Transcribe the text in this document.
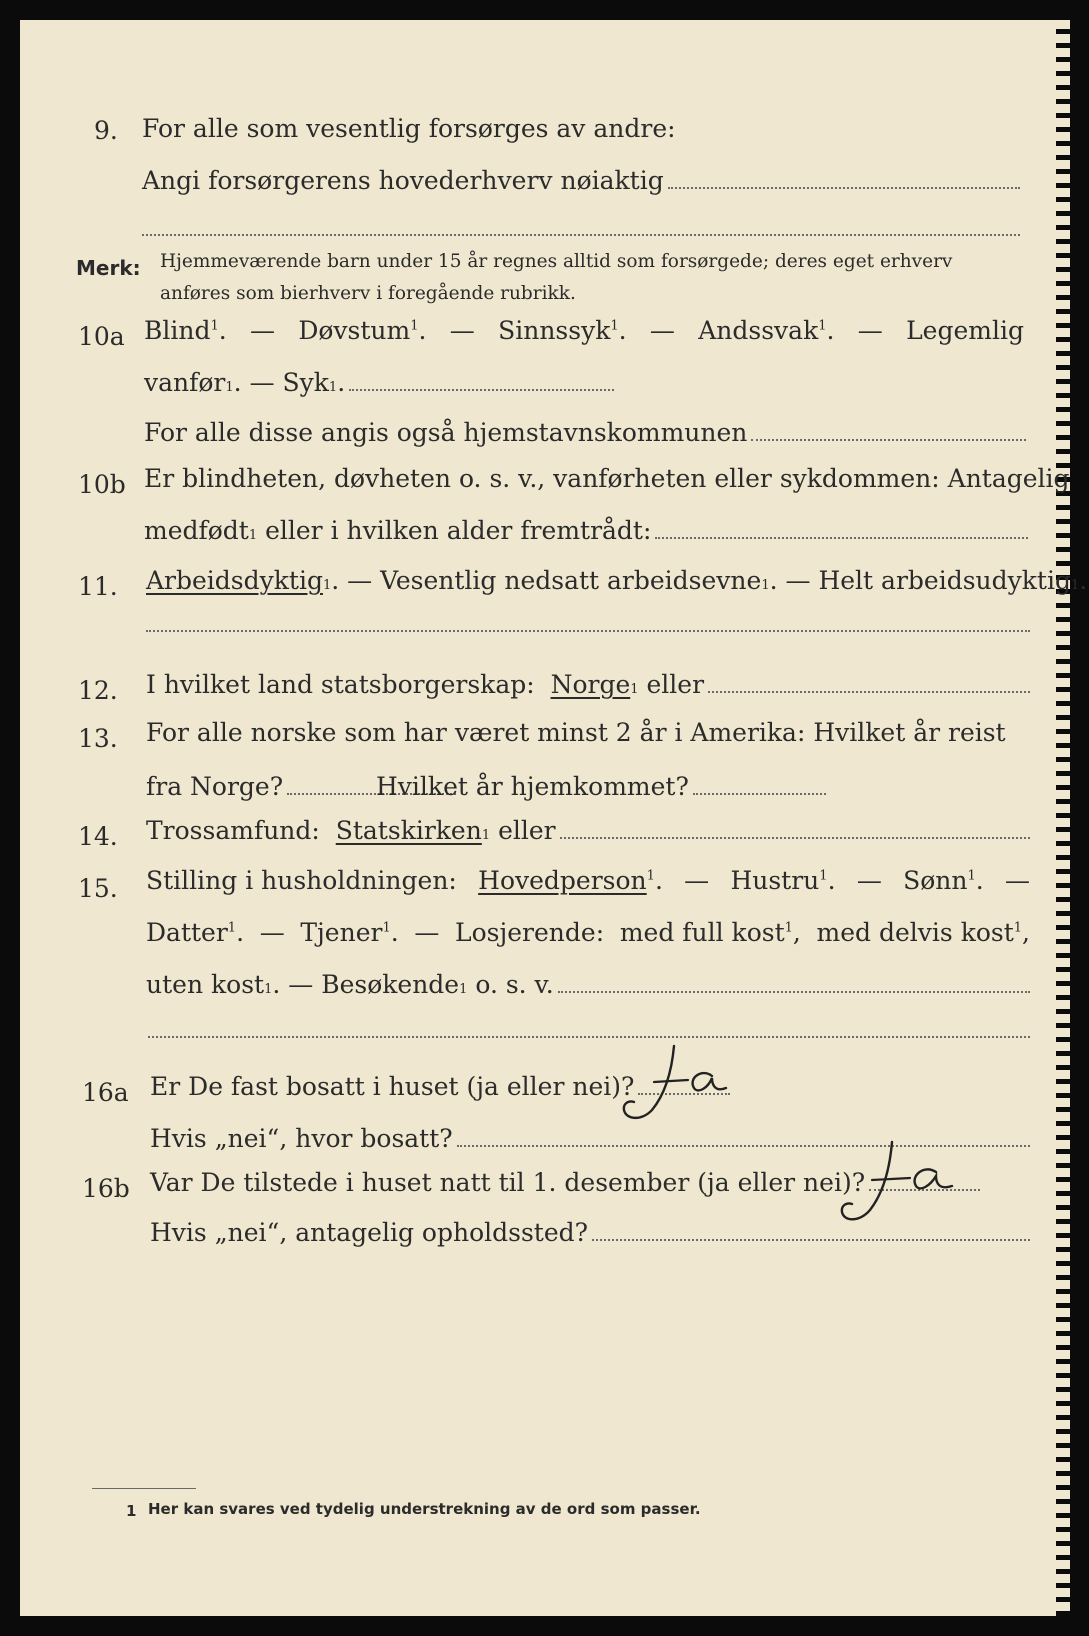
9. For alle som vesentlig forsørges av andre:
Angi forsørgerens hovederhverv nøiaktig
Merk: Hjemmeværende barn under 15 år regnes alltid som forsørgede; deres eget erhverv
anføres som bierhverv i foregående rubrikk.
10a Blind$^1$. — Døvstum$^1$. — Sinnssyk$^1$. — Andssvak$^1$. — Legemlig
vanfør 1 . — Syk 1 .
For alle disse angis også hjemstavnskommunen
10b Er blindheten, døvheten o. s. v., vanførheten eller sykdommen: Antagelig
medfødt 1
eller i hvilken alder fremtrådt:
11. Arbeidsdyktig 1 . — Vesentlig nedsatt arbeidsevne 1 . — Helt arbeidsudyktig 1 .
12. I hvilket land statsborgerskap:
Norge 1
eller
13. For alle norske som har været minst 2 år i Amerika: Hvilket år reist
fra Norge?	Hvilket år hjemkommet?
14. Trossamfund:
Statskirken 1
eller
15. Stilling i husholdningen: Hovedperson$^1$. — Hustru$^1$. — Sønn$^1$. —
Datter$^1$. — Tjener$^1$. — Losjerende: med full kost$^1$, med delvis kost$^1$,
uten kost 1 . — Besøkende 1
o. s. v.
16a Er De fast bosatt i huset (ja eller nei)?
Hvis „nei“, hvor bosatt?
16b Var De tilstede i huset natt til 1. desember (ja eller nei)?
Hvis „nei“, antagelig opholdssted?
1 Her kan svares ved tydelig understrekning av de ord som passer.
